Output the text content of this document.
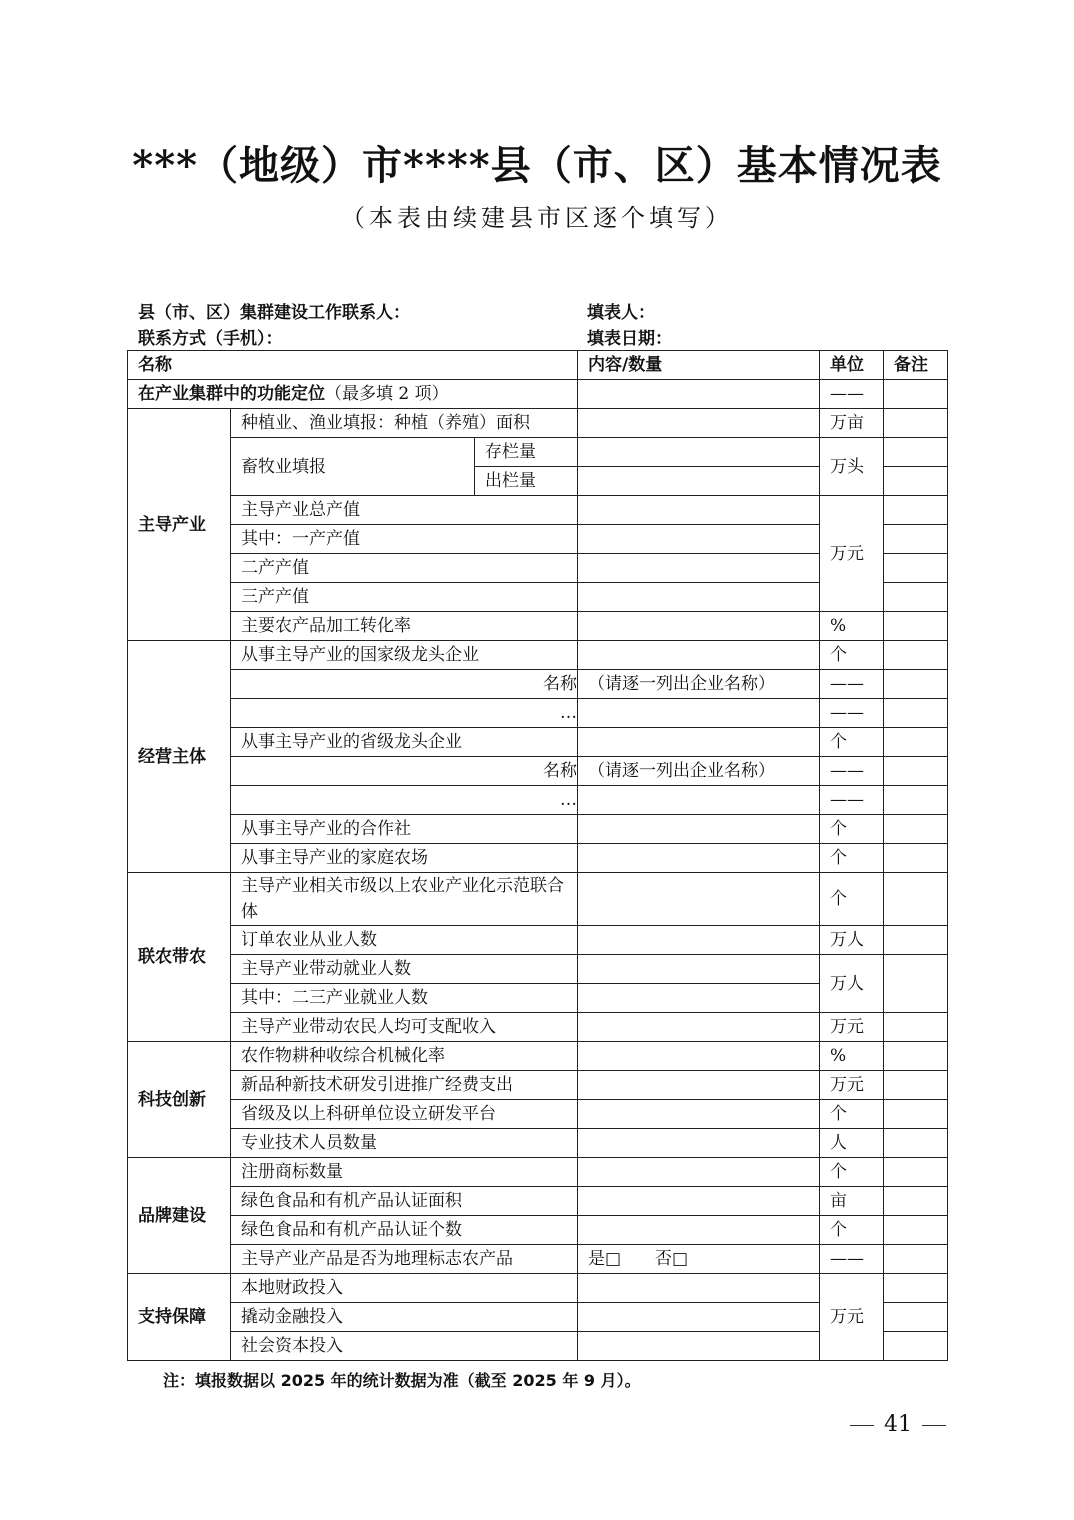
***（地级）市****县（市、区）基本情况表
（本表由续建县市区逐个填写）
县（市、区）集群建设工作联系人：
联系方式（手机）：
填表人：
填表日期：
名称			内容/数量	单位	备注
在产业集群中的功能定位（最多填 2 项）				——	
主导产业	种植业、渔业填报：种植（养殖）面积			万亩	
	畜牧业填报	存栏量		万头	
		出栏量			
	主导产业总产值			万元	
	其中：一产产值				
	二产产值				
	三产产值				
	主要农产品加工转化率			%	
经营主体	从事主导产业的国家级龙头企业			个	
	名称		（请逐一列出企业名称）	——	
	…			——	
	从事主导产业的省级龙头企业			个	
	名称		（请逐一列出企业名称）	——	
	…			——	
	从事主导产业的合作社			个	
	从事主导产业的家庭农场			个	
联农带农	主导产业相关市级以上农业产业化示范联合体			个	
	订单农业从业人数			万人	
	主导产业带动就业人数			万人	
	其中：二三产业就业人数				
	主导产业带动农民人均可支配收入			万元	
科技创新	农作物耕种收综合机械化率			%	
	新品种新技术研发引进推广经费支出			万元	
	省级及以上科研单位设立研发平台			个	
	专业技术人员数量			人	
品牌建设	注册商标数量			个	
	绿色食品和有机产品认证面积			亩	
	绿色食品和有机产品认证个数			个	
	主导产业产品是否为地理标志农产品		是□　　否□	——	
支持保障	本地财政投入			万元	
	撬动金融投入				
	社会资本投入				
注：填报数据以 2025 年的统计数据为准（截至 2025 年 9 月）。
41
